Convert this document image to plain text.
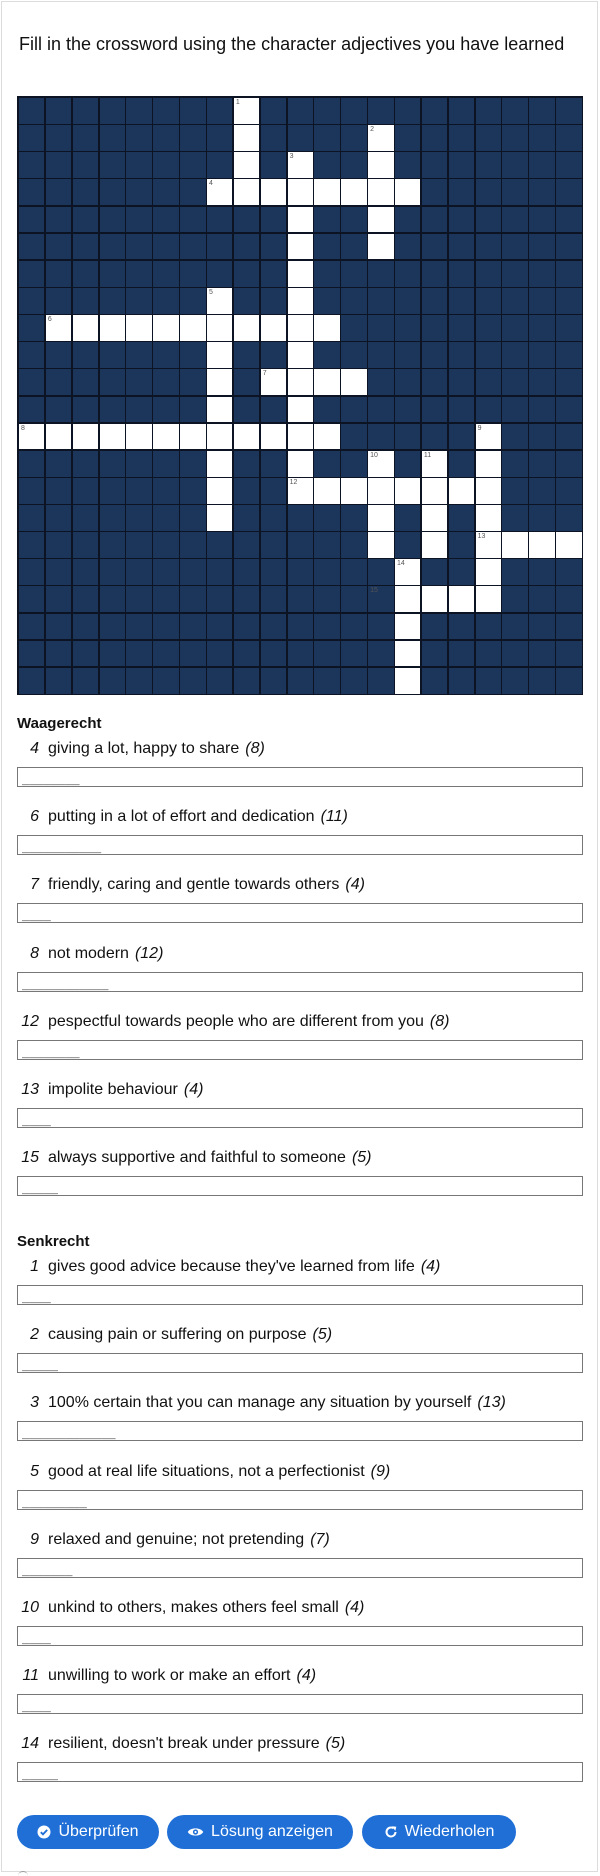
Fill in the crossword using the character adjectives you have learned
1
2
3
4
5
6
7
8	9
10	11
12
13
14
15
Waagerecht
4 giving a lot, happy to share (8)
________
6 putting in a lot of effort and dedication (11)
___________
7 friendly, caring and gentle towards others (4)
____
8 not modern (12)
____________
12 pespectful towards people who are different from you (8)
________
13 impolite behaviour (4)
____
15 always supportive and faithful to someone (5)
_____
Senkrecht
1 gives good advice because they've learned from life (4)
____
2 causing pain or suffering on purpose (5)
_____
3 100% certain that you can manage any situation by yourself (13)
_____________
5 good at real life situations, not a perfectionist (9)
_________
9 relaxed and genuine; not pretending (7)
_______
10 unkind to others, makes others feel small (4)
____
11 unwilling to work or make an effort (4)
____
14 resilient, doesn't break under pressure (5)
_____
Überprüfen	Lösung anzeigen	Wiederholen
